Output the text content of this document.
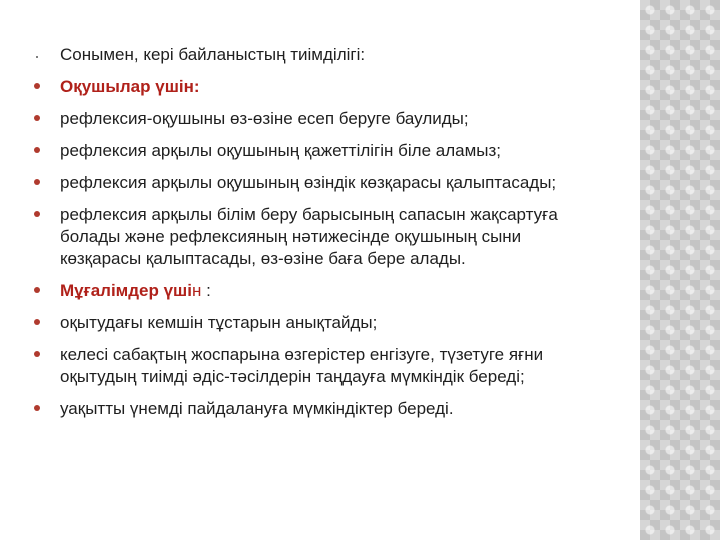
Сонымен, кері байланыстың тиімділігі:
Оқушылар үшін:
рефлексия-оқушыны өз-өзіне есеп беруге баулиды;
рефлексия арқылы оқушының қажеттілігін біле аламыз;
рефлексия арқылы оқушының өзіндік көзқарасы қалыптасады;
рефлексия арқылы білім беру барысының сапасын жақсартуға болады және рефлексияның нәтижесінде оқушының сыни көзқарасы қалыптасады, өз-өзіне баға бере алады.
Мұғалімдер үшін :
оқытудағы кемшін тұстарын анықтайды;
келесі сабақтың жоспарына өзгерістер енгізуге, түзетуге яғни оқытудың тиімді әдіс-тәсілдерін таңдауға мүмкіндік береді;
уақытты үнемді пайдалануға мүмкіндіктер береді.
